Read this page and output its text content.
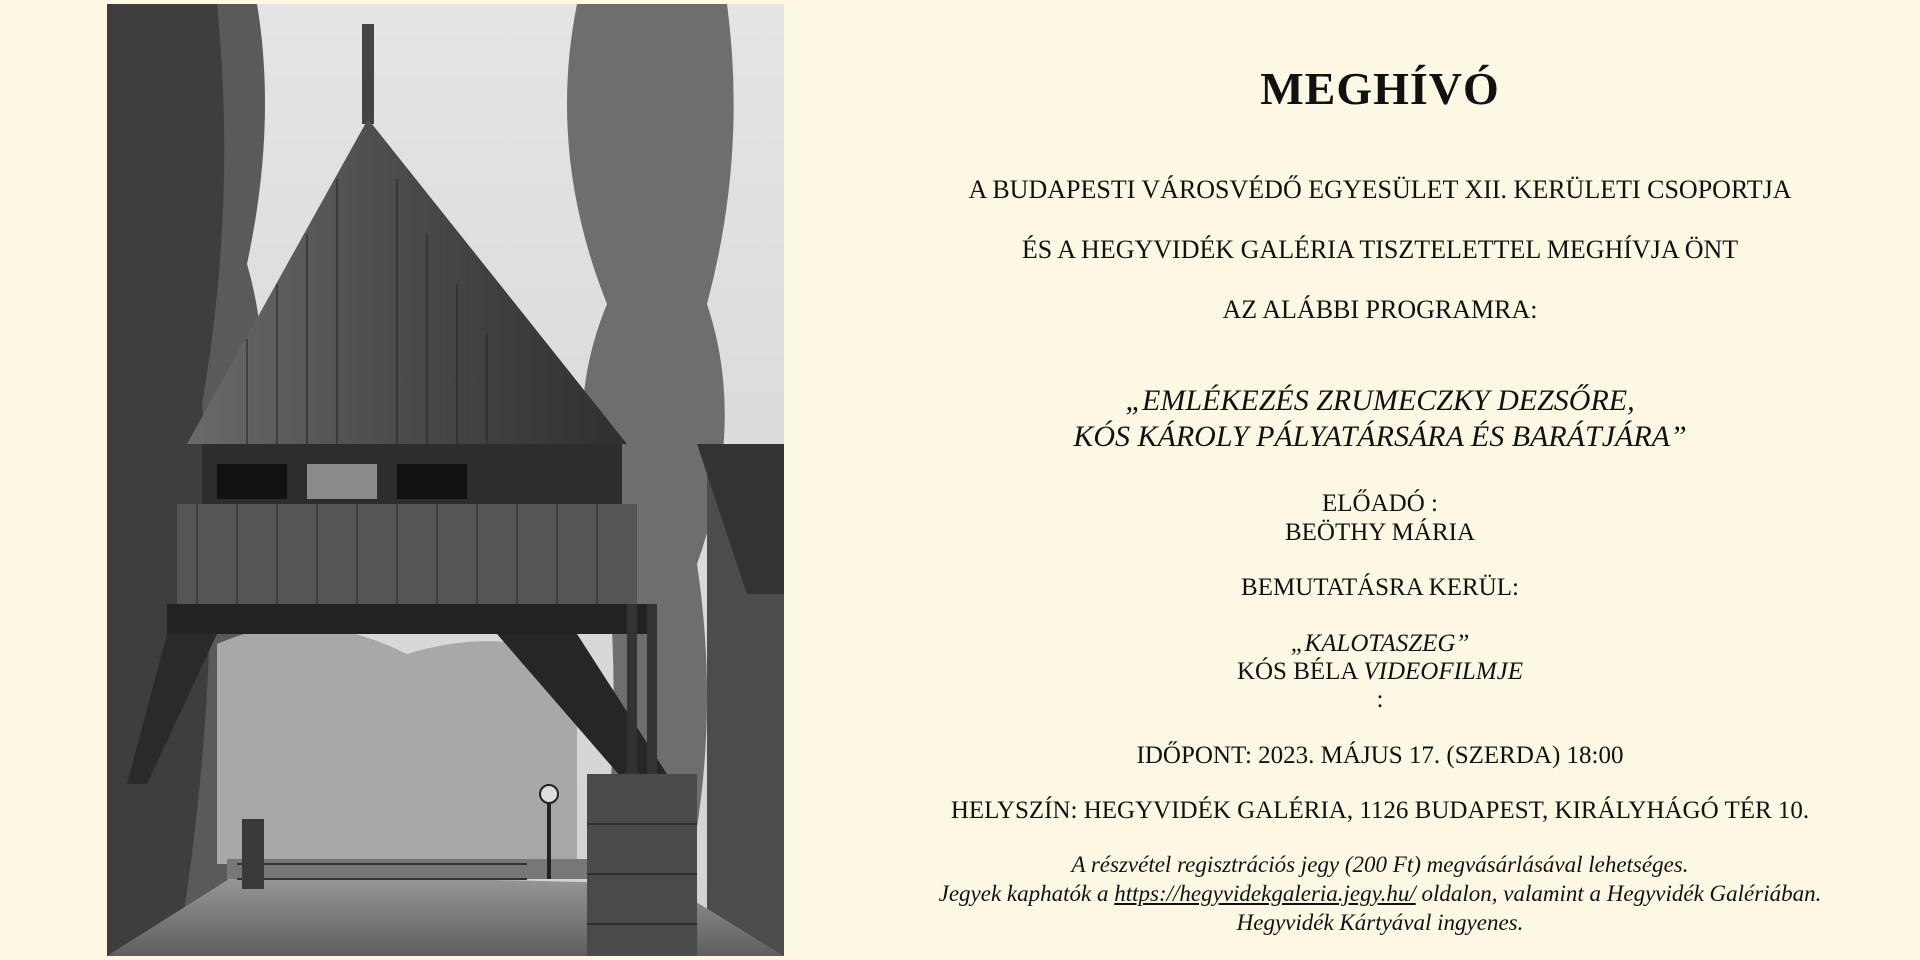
MEGHÍVÓ
A BUDAPESTI VÁROSVÉDŐ EGYESÜLET XII. KERÜLETI CSOPORTJA
ÉS A HEGYVIDÉK GALÉRIA TISZTELETTEL MEGHÍVJA ÖNT
AZ ALÁBBI PROGRAMRA:
„EMLÉKEZÉS ZRUMECZKY DEZSŐRE,
KÓS KÁROLY PÁLYATÁRSÁRA ÉS BARÁTJÁRA”
ELŐADÓ :
BEÖTHY MÁRIA
BEMUTATÁSRA KERÜL:
„KALOTASZEG”
KÓS BÉLA VIDEOFILMJE
:
IDŐPONT: 2023. MÁJUS 17. (SZERDA) 18:00
HELYSZÍN: HEGYVIDÉK GALÉRIA, 1126 BUDAPEST, KIRÁLYHÁGÓ TÉR 10.
A részvétel regisztrációs jegy (200 Ft) megvásárlásával lehetséges.
Jegyek kaphatók a https://hegyvidekgaleria.jegy.hu/ oldalon, valamint a Hegyvidék Galériában.
Hegyvidék Kártyával ingyenes.
